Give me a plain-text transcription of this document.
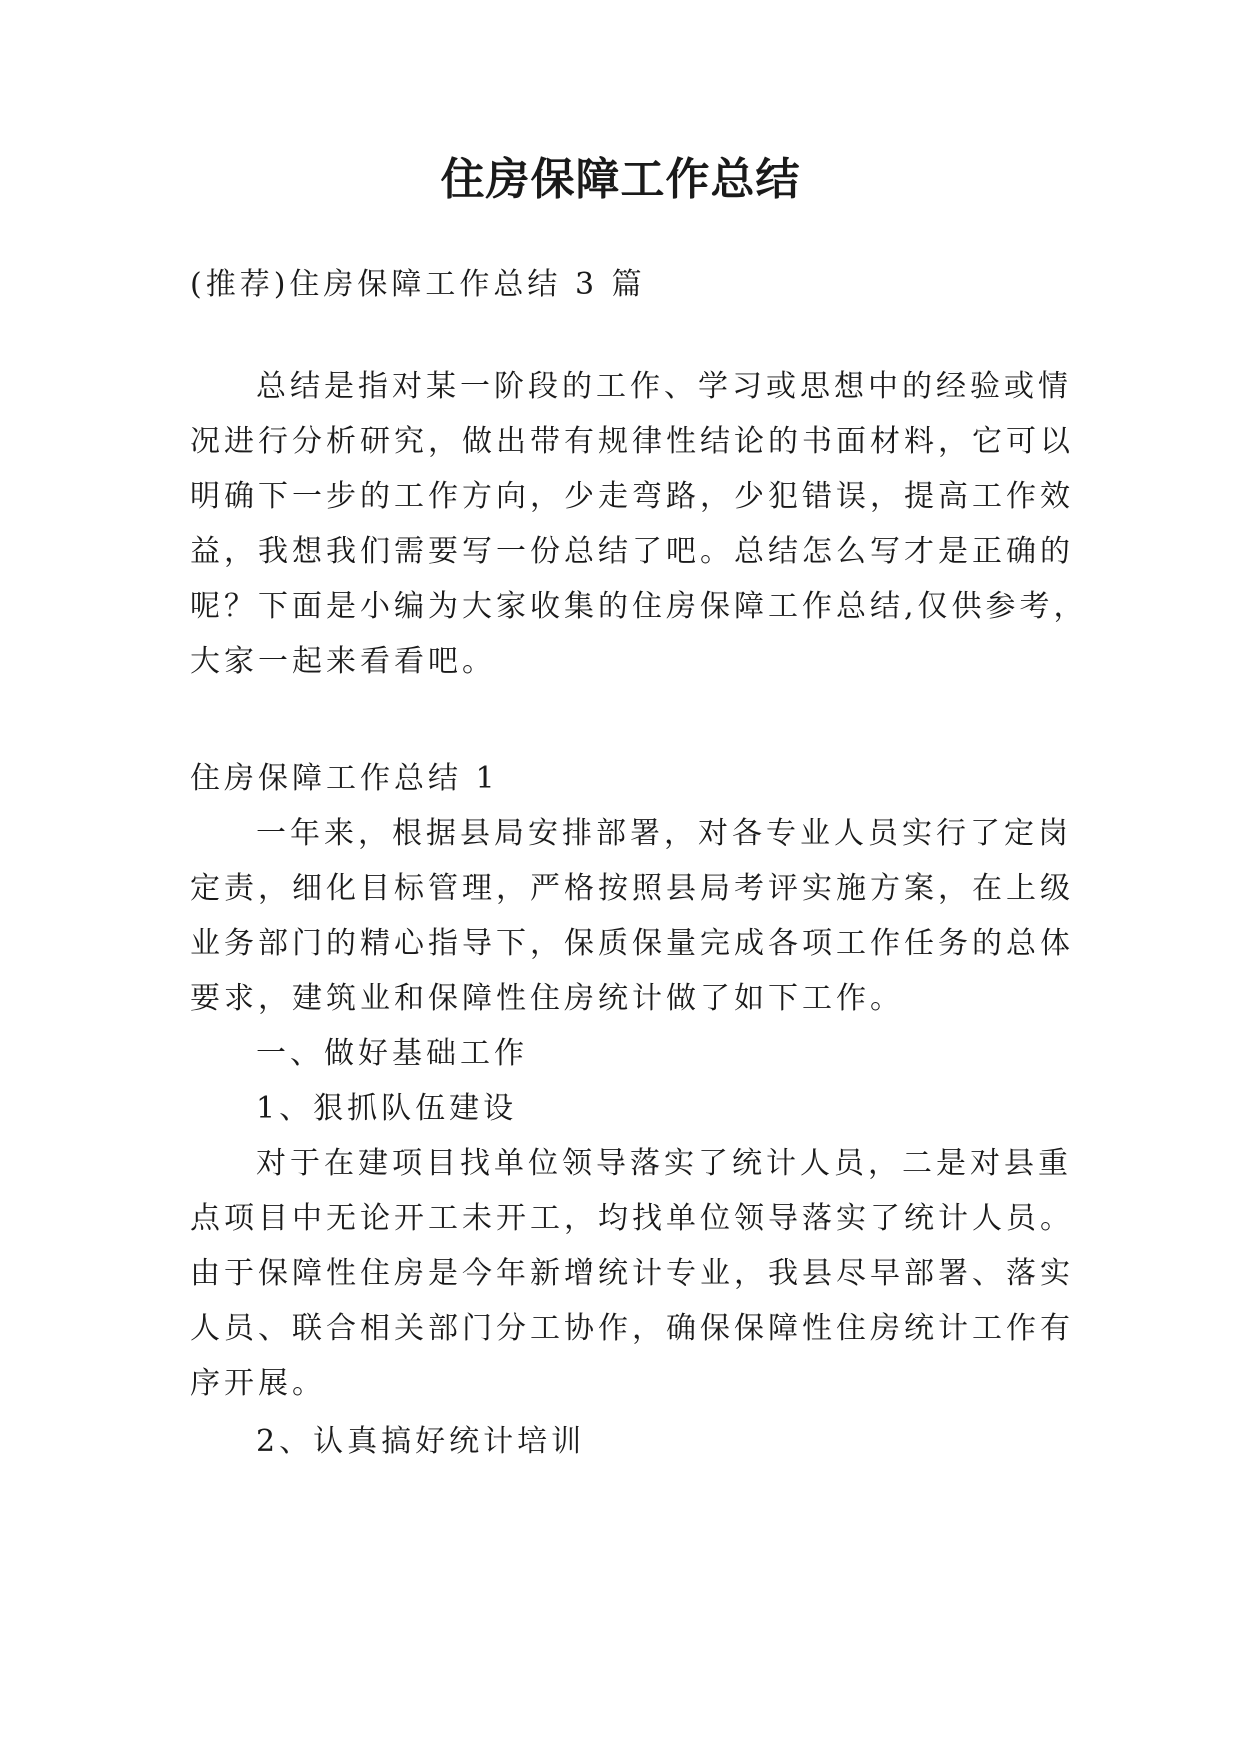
住房保障工作总结
(推荐)住房保障工作总结 3 篇
总结是指对某一阶段的工作、学习或思想中的经验或情
况进行分析研究，做出带有规律性结论的书面材料，它可以
明确下一步的工作方向，少走弯路，少犯错误，提高工作效
益，我想我们需要写一份总结了吧。总结怎么写才是正确的
呢？下面是小编为大家收集的住房保障工作总结,仅供参考，
大家一起来看看吧。
住房保障工作总结 1
一年来，根据县局安排部署，对各专业人员实行了定岗
定责，细化目标管理，严格按照县局考评实施方案，在上级
业务部门的精心指导下，保质保量完成各项工作任务的总体
要求，建筑业和保障性住房统计做了如下工作。
一、做好基础工作
1、狠抓队伍建设
对于在建项目找单位领导落实了统计人员，二是对县重
点项目中无论开工未开工，均找单位领导落实了统计人员。
由于保障性住房是今年新增统计专业，我县尽早部署、落实
人员、联合相关部门分工协作，确保保障性住房统计工作有
序开展。
2、认真搞好统计培训
